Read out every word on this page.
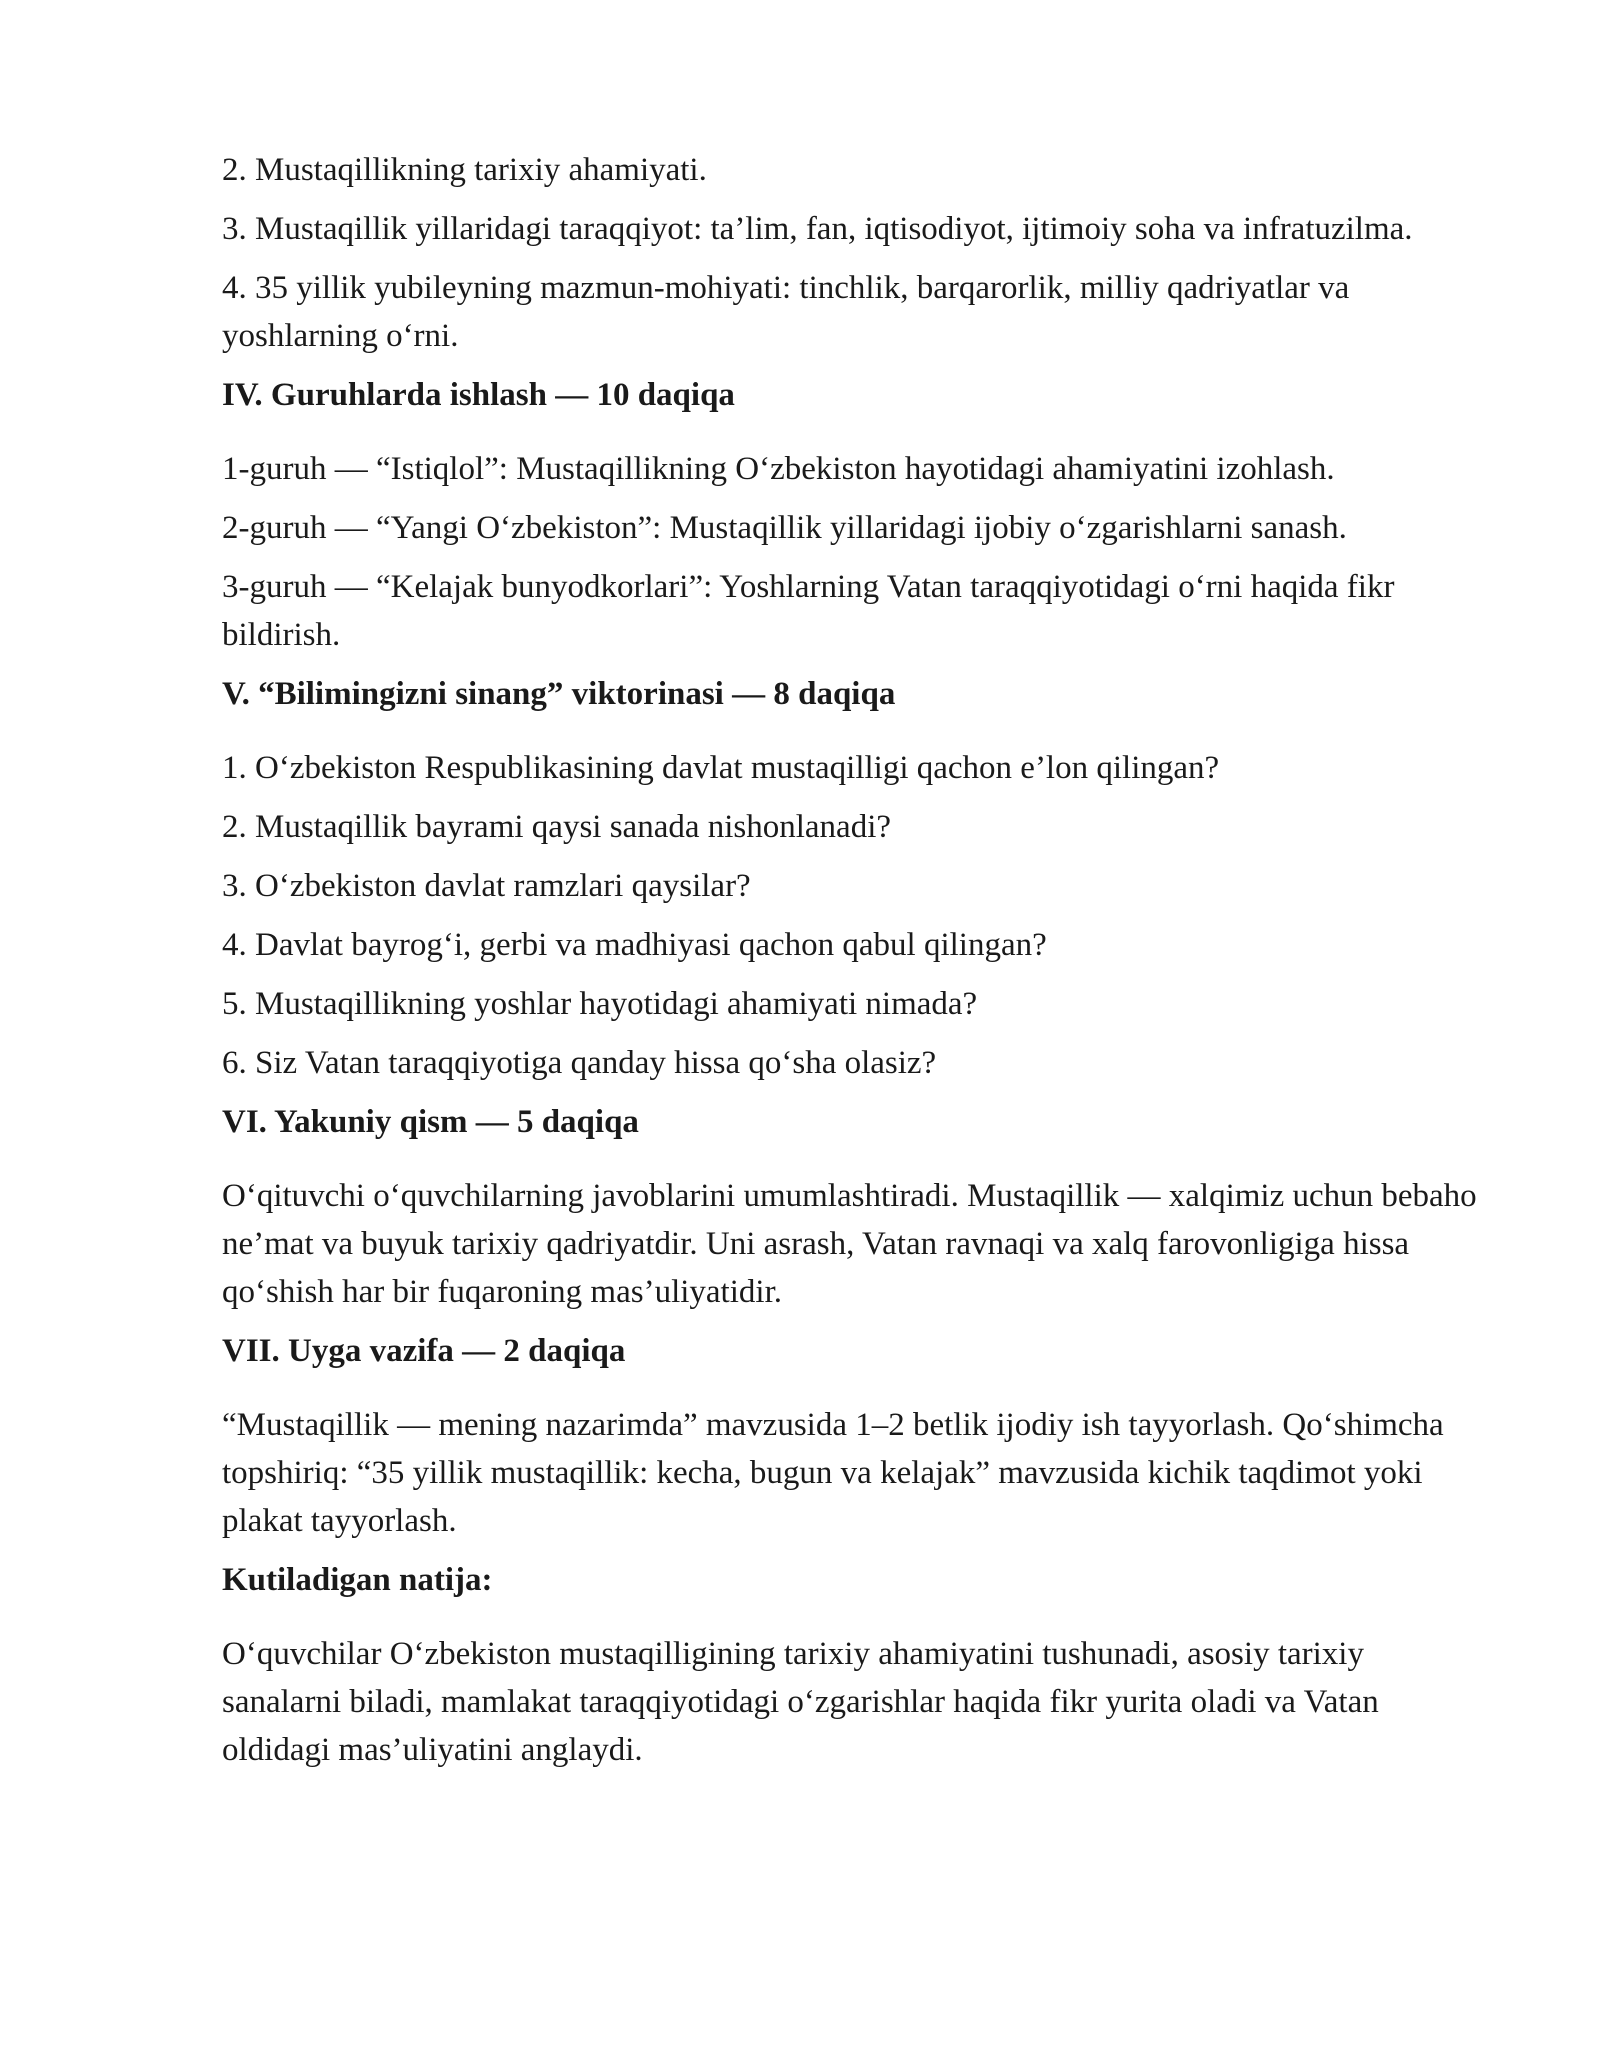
2. Mustaqillikning tarixiy ahamiyati.

3. Mustaqillik yillaridagi taraqqiyot: ta’lim, fan, iqtisodiyot, ijtimoiy soha va infratuzilma.

4. 35 yillik yubileyning mazmun-mohiyati: tinchlik, barqarorlik, milliy qadriyatlar va yoshlarning o‘rni.

IV. Guruhlarda ishlash — 10 daqiqa

1-guruh — “Istiqlol”: Mustaqillikning O‘zbekiston hayotidagi ahamiyatini izohlash.

2-guruh — “Yangi O‘zbekiston”: Mustaqillik yillaridagi ijobiy o‘zgarishlarni sanash.

3-guruh — “Kelajak bunyodkorlari”: Yoshlarning Vatan taraqqiyotidagi o‘rni haqida fikr bildirish.

V. “Bilimingizni sinang” viktorinasi — 8 daqiqa

1. O‘zbekiston Respublikasining davlat mustaqilligi qachon e’lon qilingan?

2. Mustaqillik bayrami qaysi sanada nishonlanadi?

3. O‘zbekiston davlat ramzlari qaysilar?

4. Davlat bayrog‘i, gerbi va madhiyasi qachon qabul qilingan?

5. Mustaqillikning yoshlar hayotidagi ahamiyati nimada?

6. Siz Vatan taraqqiyotiga qanday hissa qo‘sha olasiz?

VI. Yakuniy qism — 5 daqiqa

O‘qituvchi o‘quvchilarning javoblarini umumlashtiradi. Mustaqillik — xalqimiz uchun bebaho ne’mat va buyuk tarixiy qadriyatdir. Uni asrash, Vatan ravnaqi va xalq farovonligiga hissa qo‘shish har bir fuqaroning mas’uliyatidir.

VII. Uyga vazifa — 2 daqiqa

“Mustaqillik — mening nazarimda” mavzusida 1–2 betlik ijodiy ish tayyorlash. Qo‘shimcha topshiriq: “35 yillik mustaqillik: kecha, bugun va kelajak” mavzusida kichik taqdimot yoki plakat tayyorlash.

Kutiladigan natija:

O‘quvchilar O‘zbekiston mustaqilligining tarixiy ahamiyatini tushunadi, asosiy tarixiy sanalarni biladi, mamlakat taraqqiyotidagi o‘zgarishlar haqida fikr yurita oladi va Vatan oldidagi mas’uliyatini anglaydi.
